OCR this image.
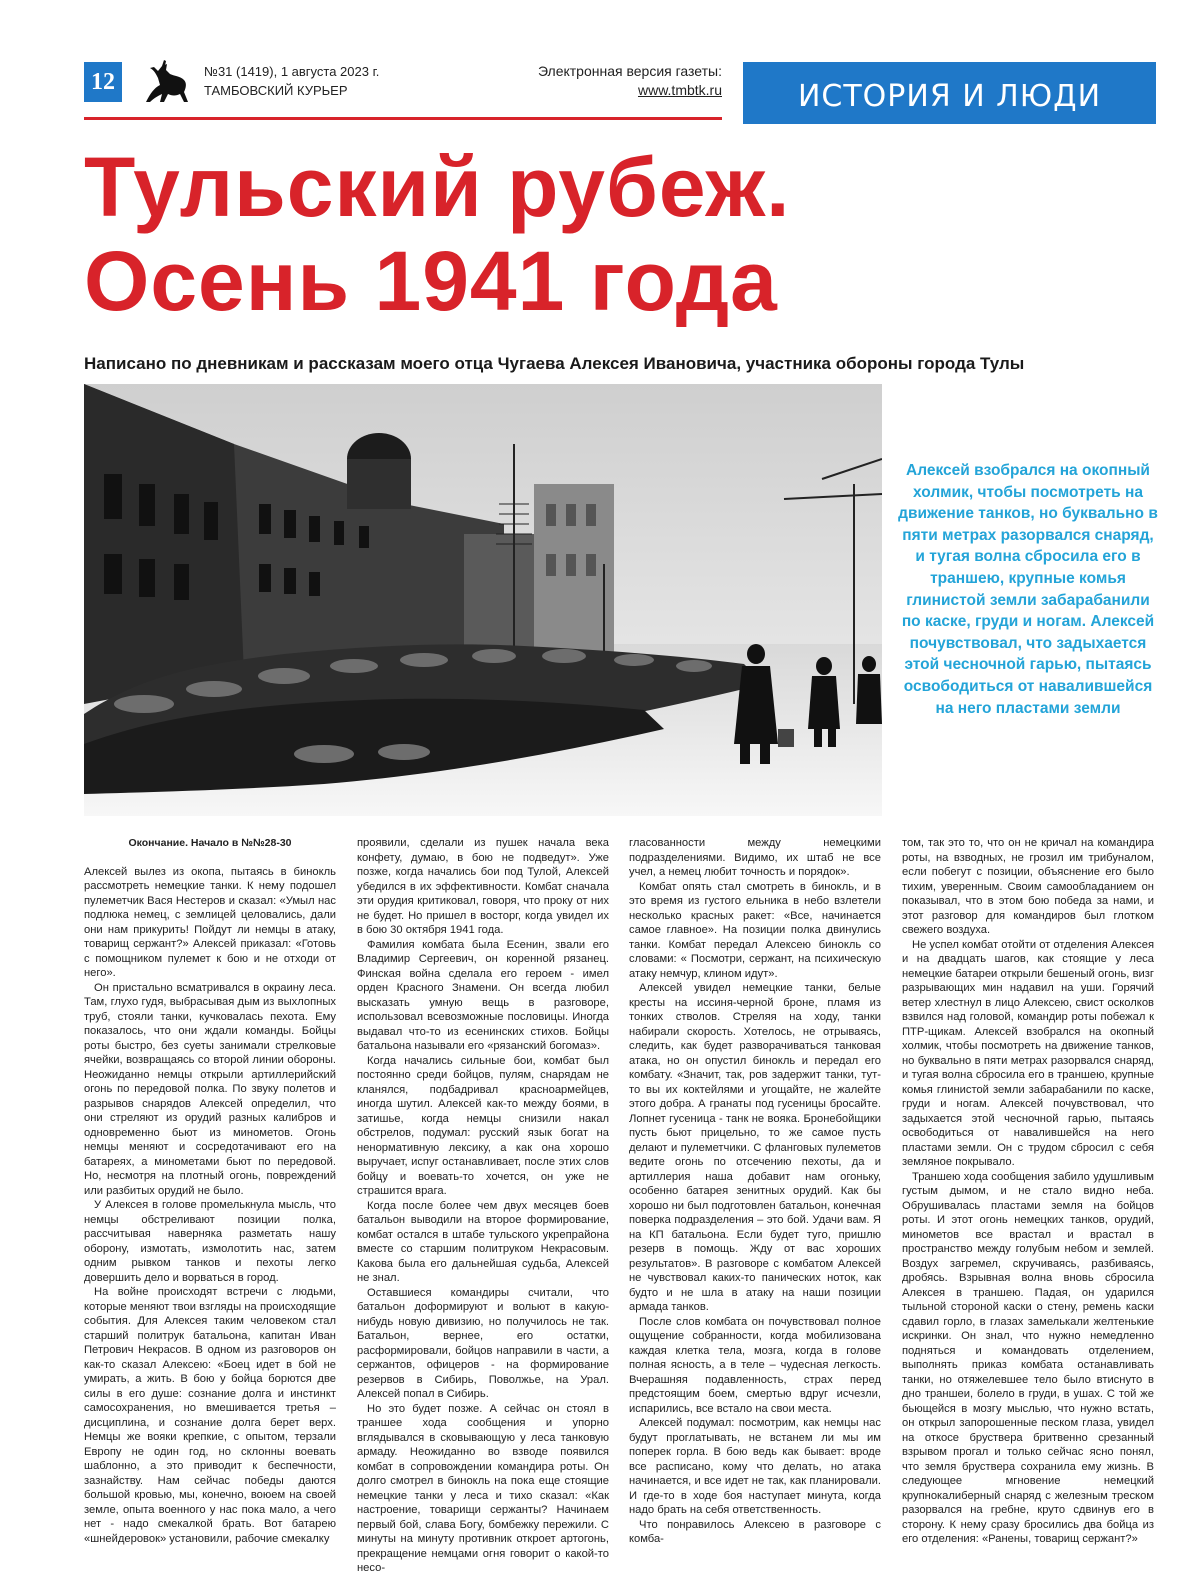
12	№31 (1419), 1 августа 2023 г.
ТАМБОВСКИЙ КУРЬЕР
Электронная версия газеты:
www.tmbtk.ru	ИСТОРИЯ И ЛЮДИ
Тульский рубеж.
Осень 1941 года
Написано по дневникам и рассказам моего отца Чугаева Алексея Ивановича, участника обороны города Тулы
Алексей взобрался на окопный холмик, чтобы посмотреть на движение танков, но буквально в пяти метрах разорвался снаряд, и тугая волна сбросила его в траншею, крупные комья глинистой земли забарабанили по каске, груди и ногам. Алексей почувствовал, что задыхается этой чесночной гарью, пытаясь освободиться от навалившейся на него пластами земли

Окончание. Начало в №№28-30

Алексей вылез из окопа, пытаясь в бинокль рассмотреть немецкие танки. К нему подошел пулеметчик Вася Нестеров и сказал: «Умыл нас подлюка немец, с землицей целовались, дали они нам прикурить! Пойдут ли немцы в атаку, товарищ сержант?» Алексей приказал: «Готовь с помощником пулемет к бою и не отходи от него».

Он пристально всматривался в окраину леса. Там, глухо гудя, выбрасывая дым из выхлопных труб, стояли танки, кучковалась пехота. Ему показалось, что они ждали команды. Бойцы роты быстро, без суеты занимали стрелковые ячейки, возвращаясь со второй линии обороны. Неожиданно немцы открыли артиллерийский огонь по передовой полка. По звуку полетов и разрывов снарядов Алексей определил, что они стреляют из орудий разных калибров и одновременно бьют из минометов. Огонь немцы меняют и сосредотачивают его на батареях, а минометами бьют по передовой. Но, несмотря на плотный огонь, повреждений или разбитых орудий не было.

У Алексея в голове промелькнула мысль, что немцы обстреливают позиции полка, рассчитывая наверняка разметать нашу оборону, измотать, измолотить нас, затем одним рывком танков и пехоты легко довершить дело и ворваться в город.

На войне происходят встречи с людьми, которые меняют твои взгляды на происходящие события. Для Алексея таким человеком стал старший политрук батальона, капитан Иван Петрович Некрасов. В одном из разговоров он как-то сказал Алексею: «Боец идет в бой не умирать, а жить. В бою у бойца борются две силы в его душе: сознание долга и инстинкт самосохранения, но вмешивается третья – дисциплина, и сознание долга берет верх. Немцы же вояки крепкие, с опытом, терзали Европу не один год, но склонны воевать шаблонно, а это приводит к беспечности, зазнайству. Нам сейчас победы даются большой кровью, мы, конечно, воюем на своей земле, опыта военного у нас пока мало, а чего нет - надо смекалкой брать. Вот батарею «шнейдеровок» установили, рабочие смекалку

проявили, сделали из пушек начала века конфету, думаю, в бою не подведут». Уже позже, когда начались бои под Тулой, Алексей убедился в их эффективности. Комбат сначала эти орудия критиковал, говоря, что проку от них не будет. Но пришел в восторг, когда увидел их в бою 30 октября 1941 года.

Фамилия комбата была Есенин, звали его Владимир Сергеевич, он коренной рязанец. Финская война сделала его героем - имел орден Красного Знамени. Он всегда любил высказать умную вещь в разговоре, использовал всевозможные пословицы. Иногда выдавал что-то из есенинских стихов. Бойцы батальона называли его «рязанский богомаз».

Когда начались сильные бои, комбат был постоянно среди бойцов, пулям, снарядам не кланялся, подбадривал красноармейцев, иногда шутил. Алексей как-то между боями, в затишье, когда немцы снизили накал обстрелов, подумал: русский язык богат на ненормативную лексику, а как она хорошо выручает, испуг останавливает, после этих слов бойцу и воевать-то хочется, он уже не страшится врага.

Когда после более чем двух месяцев боев батальон выводили на второе формирование, комбат остался в штабе тульского укрепрайона вместе со старшим политруком Некрасовым. Какова была его дальнейшая судьба, Алексей не знал.

Оставшиеся командиры считали, что батальон доформируют и вольют в какую-нибудь новую дивизию, но получилось не так. Батальон, вернее, его остатки, расформировали, бойцов направили в части, а сержантов, офицеров - на формирование резервов в Сибирь, Поволжье, на Урал. Алексей попал в Сибирь.

Но это будет позже. А сейчас он стоял в траншее хода сообщения и упорно вглядывался в сковывающую у леса танковую армаду. Неожиданно во взводе появился комбат в сопровождении командира роты. Он долго смотрел в бинокль на пока еще стоящие немецкие танки у леса и тихо сказал: «Как настроение, товарищи сержанты? Начинаем первый бой, слава Богу, бомбежку пережили. С минуты на минуту противник откроет артогонь, прекращение немцами огня говорит о какой-то несо-

гласованности между немецкими подразделениями. Видимо, их штаб не все учел, а немец любит точность и порядок».

Комбат опять стал смотреть в бинокль, и в это время из густого ельника в небо взлетели несколько красных ракет: «Все, начинается самое главное». На позиции полка двинулись танки. Комбат передал Алексею бинокль со словами: « Посмотри, сержант, на психическую атаку немчур, клином идут».

Алексей увидел немецкие танки, белые кресты на иссиня-черной броне, пламя из тонких стволов. Стреляя на ходу, танки набирали скорость. Хотелось, не отрываясь, следить, как будет разворачиваться танковая атака, но он опустил бинокль и передал его комбату. «Значит, так, ров задержит танки, тут-то вы их коктейлями и угощайте, не жалейте этого добра. А гранаты под гусеницы бросайте. Лопнет гусеница - танк не вояка. Бронебойщики пусть бьют прицельно, то же самое пусть делают и пулеметчики. С фланговых пулеметов ведите огонь по отсечению пехоты, да и артиллерия наша добавит нам огоньку, особенно батарея зенитных орудий. Как бы хорошо ни был подготовлен батальон, конечная поверка подразделения – это бой. Удачи вам. Я на КП батальона. Если будет туго, пришлю резерв в помощь. Жду от вас хороших результатов». В разговоре с комбатом Алексей не чувствовал каких-то панических ноток, как будто и не шла в атаку на наши позиции армада танков.

После слов комбата он почувствовал полное ощущение собранности, когда мобилизована каждая клетка тела, мозга, когда в голове полная ясность, а в теле – чудесная легкость. Вчерашняя подавленность, страх перед предстоящим боем, смертью вдруг исчезли, испарились, все встало на свои места.

Алексей подумал: посмотрим, как немцы нас будут проглатывать, не встанем ли мы им поперек горла. В бою ведь как бывает: вроде все расписано, кому что делать, но атака начинается, и все идет не так, как планировали. И где-то в ходе боя наступает минута, когда надо брать на себя ответственность.

Что понравилось Алексею в разговоре с комба-

том, так это то, что он не кричал на командира роты, на взводных, не грозил им трибуналом, если побегут с позиции, объяснение его было тихим, уверенным. Своим самообладанием он показывал, что в этом бою победа за нами, и этот разговор для командиров был глотком свежего воздуха.

Не успел комбат отойти от отделения Алексея и на двадцать шагов, как стоящие у леса немецкие батареи открыли бешеный огонь, визг разрывающих мин надавил на уши. Горячий ветер хлестнул в лицо Алексею, свист осколков взвился над головой, командир роты побежал к ПТР-щикам. Алексей взобрался на окопный холмик, чтобы посмотреть на движение танков, но буквально в пяти метрах разорвался снаряд, и тугая волна сбросила его в траншею, крупные комья глинистой земли забарабанили по каске, груди и ногам. Алексей почувствовал, что задыхается этой чесночной гарью, пытаясь освободиться от навалившейся на него пластами земли. Он с трудом сбросил с себя земляное покрывало.

Траншею хода сообщения забило удушливым густым дымом, и не стало видно неба. Обрушивалась пластами земля на бойцов роты. И этот огонь немецких танков, орудий, минометов все врастал и врастал в пространство между голубым небом и землей. Воздух загремел, скручиваясь, разбиваясь, дробясь. Взрывная волна вновь сбросила Алексея в траншею. Падая, он ударился тыльной стороной каски о стену, ремень каски сдавил горло, в глазах замелькали желтенькие искринки. Он знал, что нужно немедленно подняться и командовать отделением, выполнять приказ комбата останавливать танки, но отяжелевшее тело было втиснуто в дно траншеи, болело в груди, в ушах. С той же бьющейся в мозгу мыслью, что нужно встать, он открыл запорошенные песком глаза, увидел на откосе бруствера бритвенно срезанный взрывом прогал и только сейчас ясно понял, что земля бруствера сохранила ему жизнь. В следующее мгновение немецкий крупнокалиберный снаряд с железным треском разорвался на гребне, круто сдвинув его в сторону. К нему сразу бросились два бойца из его отделения: «Ранены, товарищ сержант?»
